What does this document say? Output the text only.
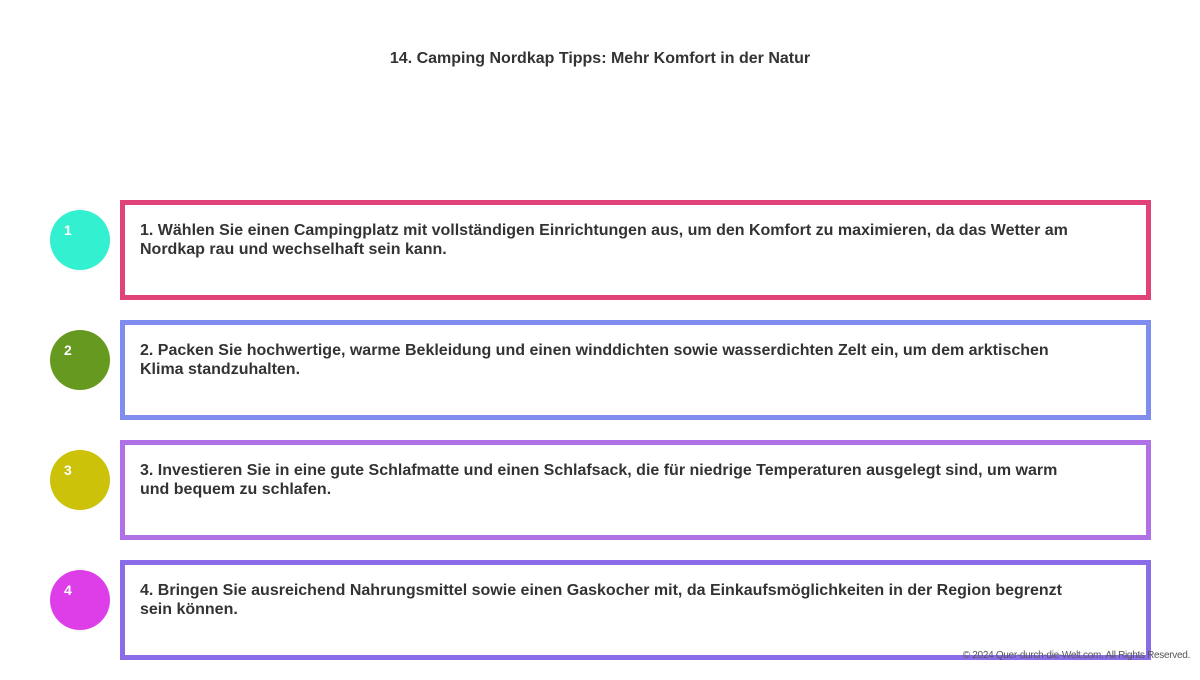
14. Camping Nordkap Tipps: Mehr Komfort in der Natur
1	1. Wählen Sie einen Campingplatz mit vollständigen Einrichtungen aus, um den Komfort zu maximieren, da das Wetter am Nordkap rau und wechselhaft sein kann.
2	2. Packen Sie hochwertige, warme Bekleidung und einen winddichten sowie wasserdichten Zelt ein, um dem arktischen Klima standzuhalten.
3	3. Investieren Sie in eine gute Schlafmatte und einen Schlafsack, die für niedrige Temperaturen ausgelegt sind, um warm und bequem zu schlafen.
4	4. Bringen Sie ausreichend Nahrungsmittel sowie einen Gaskocher mit, da Einkaufsmöglichkeiten in der Region begrenzt sein können.
© 2024 Quer-durch-die-Welt.com. All Rights Reserved.
